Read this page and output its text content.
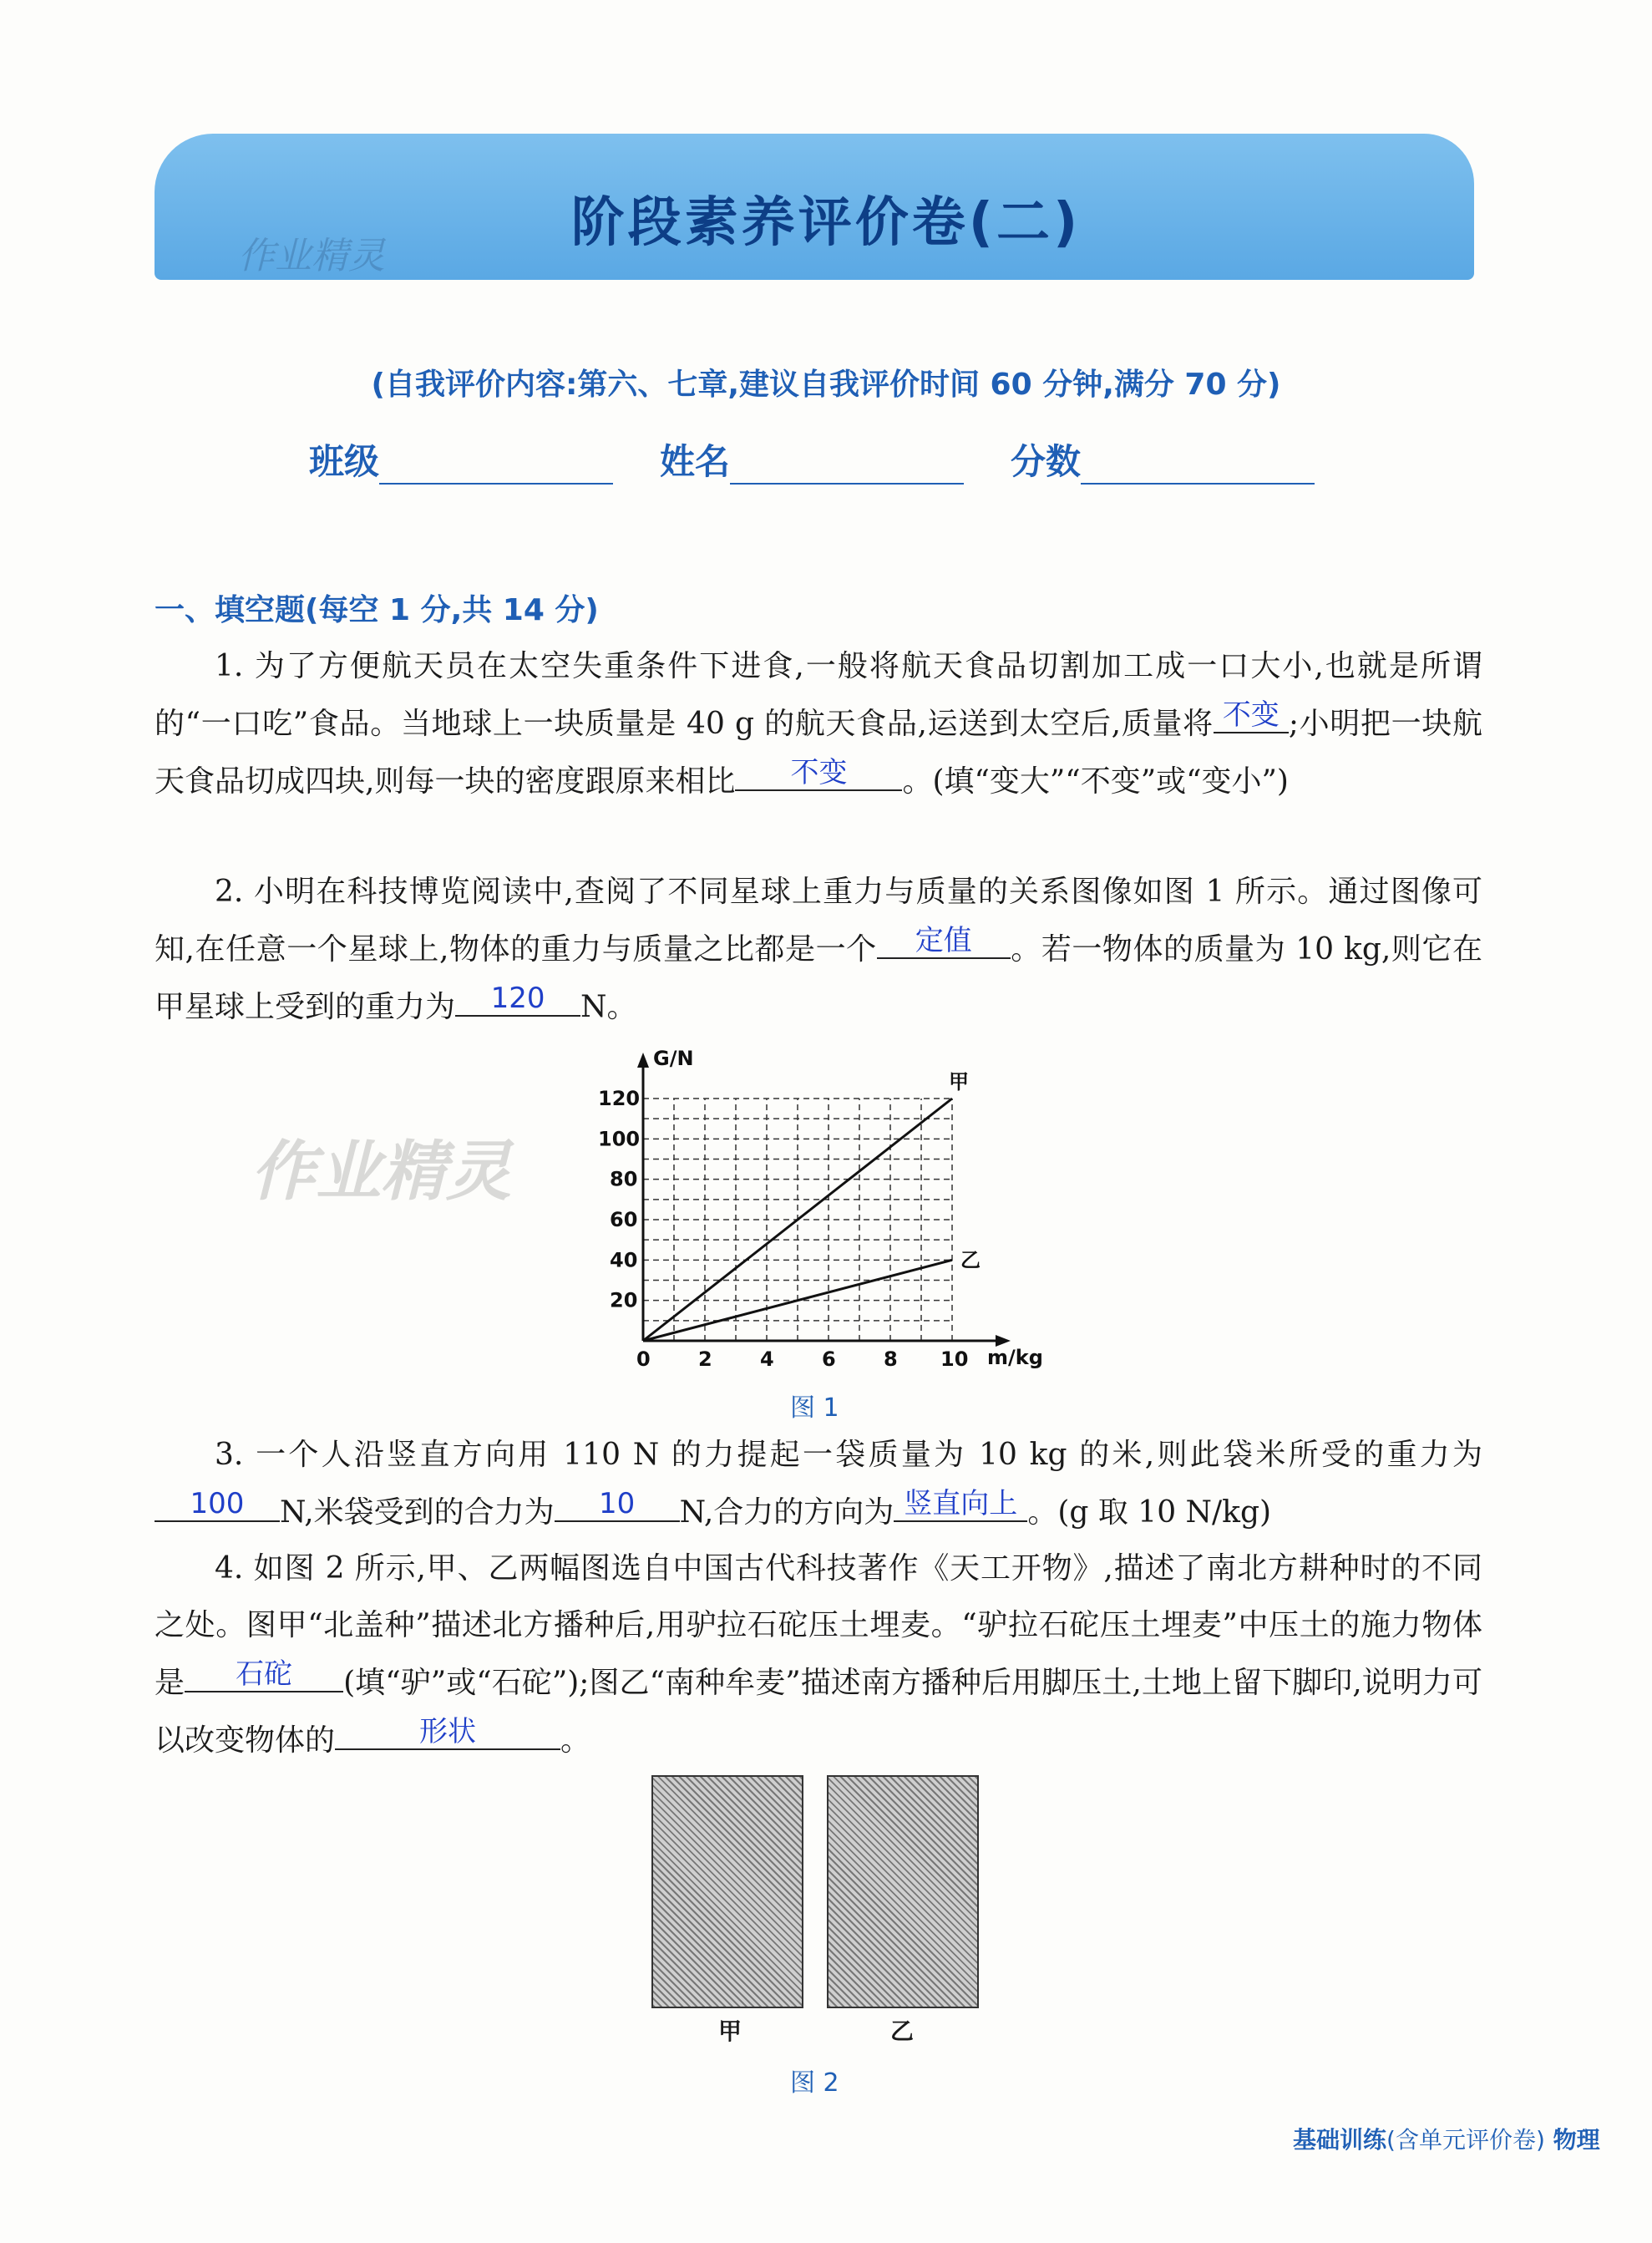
作业精灵
阶段素养评价卷(二)
(自我评价内容:第六、七章,建议自我评价时间 60 分钟,满分 70 分)
班级	姓名	分数
一、填空题(每空 1 分,共 14 分)
1. 为了方便航天员在太空失重条件下进食,一般将航天食品切割加工成一口大小,也就是所谓的“一口吃”食品。当地球上一块质量是 40 g 的航天食品,运送到太空后,质量将 不变 ;小明把一块航天食品切成四块,则每一块的密度跟原来相比	不变	。(填“变大”“不变”或“变小”)
2. 小明在科技博览阅读中,查阅了不同星球上重力与质量的关系图像如图 1 所示。通过图像可知,在任意一个星球上,物体的重力与质量之比都是一个	定值	。若一物体的质量为 10 kg,则它在甲星球上受到的重力为	120	N。
作业精灵
G/N
m/kg
0 2 4 6 8 10
20
40
60
80
100
120
甲
乙
图 1
3. 一个人沿竖直方向用 110 N 的力提起一袋质量为 10 kg 的米,则此袋米所受的重力为
100	N,米袋受到的合力为	10	N,合力的方向为 竖直向上 。(g 取 10 N/kg)
4. 如图 2 所示,甲、乙两幅图选自中国古代科技著作《天工开物》,描述了南北方耕种时的不同之处。图甲“北盖种”描述北方播种后,用驴拉石砣压土埋麦。“驴拉石砣压土埋麦”中压土的施力物体是	石砣	(填“驴”或“石砣”);图乙“南种牟麦”描述南方播种后用脚压土,土地上留下脚印,说明力可以改变物体的	形状	。
甲	乙
图 2
基础训练(含单元评价卷) 物理
